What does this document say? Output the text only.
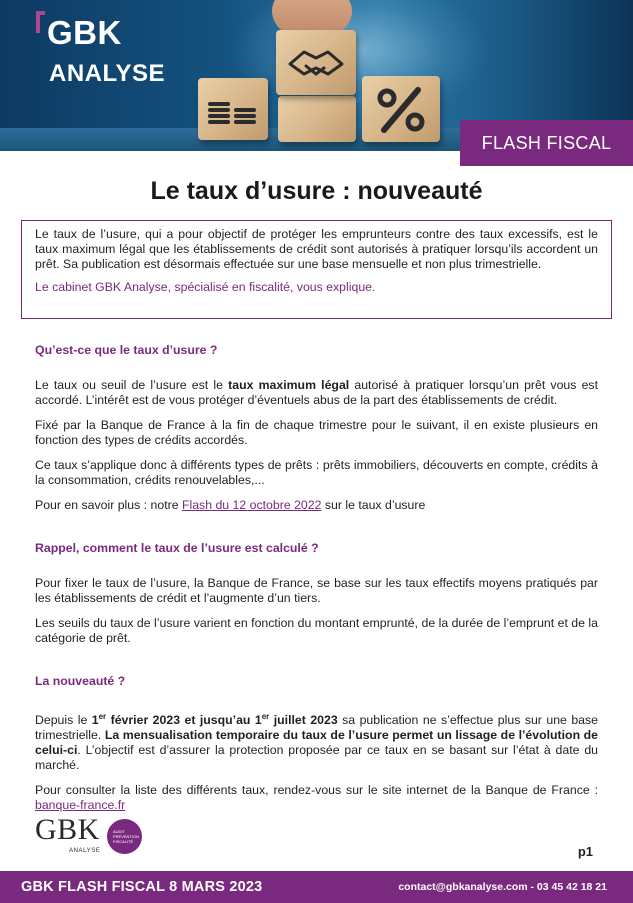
GBK
ANALYSE
FLASH FISCAL
Le taux d’usure : nouveauté

Le taux de l’usure, qui a pour objectif de protéger les emprunteurs contre des taux excessifs, est le taux maximum légal que les établissements de crédit sont autorisés à pratiquer lorsqu’ils accordent un prêt. Sa publication est désormais effectuée sur une base mensuelle et non plus trimestrielle.

Le cabinet GBK Analyse, spécialisé en fiscalité, vous explique.

Qu’est-ce que le taux d’usure ?

Le taux ou seuil de l’usure est le taux maximum légal autorisé à pratiquer lorsqu’un prêt vous est accordé. L’intérêt est de vous protéger d’éventuels abus de la part des établissements de crédit.

Fixé par la Banque de France à la fin de chaque trimestre pour le suivant, il en existe plusieurs en fonction des types de crédits accordés.

Ce taux s’applique donc à différents types de prêts : prêts immobiliers, découverts en compte, crédits à la consommation, crédits renouvelables,...

Pour en savoir plus : notre Flash du 12 octobre 2022 sur le taux d’usure

Rappel, comment le taux de l’usure est calculé ?

Pour fixer le taux de l’usure, la Banque de France, se base sur les taux effectifs moyens pratiqués par les établissements de crédit et l’augmente d’un tiers.

Les seuils du taux de l’usure varient en fonction du montant emprunté, de la durée de l’emprunt et de la catégorie de prêt.

La nouveauté ?

Depuis le 1er février 2023 et jusqu’au 1er juillet 2023 sa publication ne s’effectue plus sur une base trimestrielle. La mensualisation temporaire du taux de l’usure permet un lissage de l’évolution de celui-ci. L’objectif est d’assurer la protection proposée par ce taux en se basant sur l’état à date du marché.

Pour consulter la liste des différents taux, rendez-vous sur le site internet de la Banque de France : banque-france.fr

GBK	AUDIT
PRÉVENTION
FISCALITÉ
ANALYSE	p1
GBK FLASH FISCAL 8 MARS 2023	contact@gbkanalyse.com - 03 45 42 18 21
